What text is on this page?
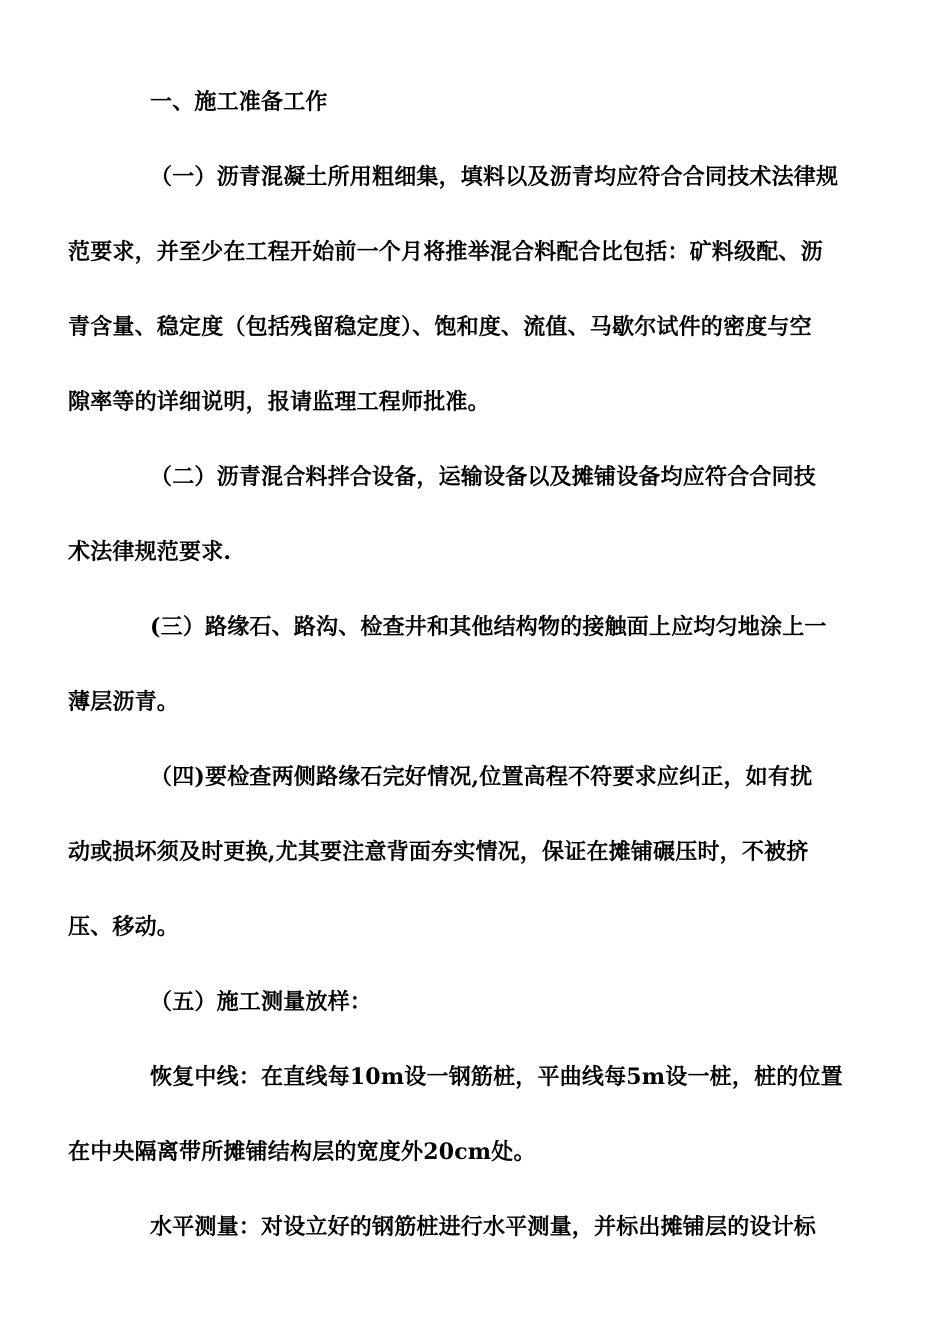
一、施工准备工作
（一）沥青混凝土所用粗细集，填料以及沥青均应符合合同技术法律规
范要求，并至少在工程开始前一个月将推举混合料配合比包括：矿料级配、沥
青含量、稳定度（包括残留稳定度）、饱和度、流值、马歇尔试件的密度与空
隙率等的详细说明，报请监理工程师批准。
（二）沥青混合料拌合设备，运输设备以及摊铺设备均应符合合同技
术法律规范要求.
(三）路缘石、路沟、检查井和其他结构物的接触面上应均匀地涂上一
薄层沥青。
（四)要检查两侧路缘石完好情况,位置高程不符要求应纠正，如有扰
动或损坏须及时更换,尤其要注意背面夯实情况，保证在摊铺碾压时，不被挤
压、移动。
（五）施工测量放样：
恢复中线：在直线每10m设一钢筋桩，平曲线每5m设一桩，桩的位置
在中央隔离带所摊铺结构层的宽度外20cm处。
水平测量：对设立好的钢筋桩进行水平测量，并标出摊铺层的设计标
